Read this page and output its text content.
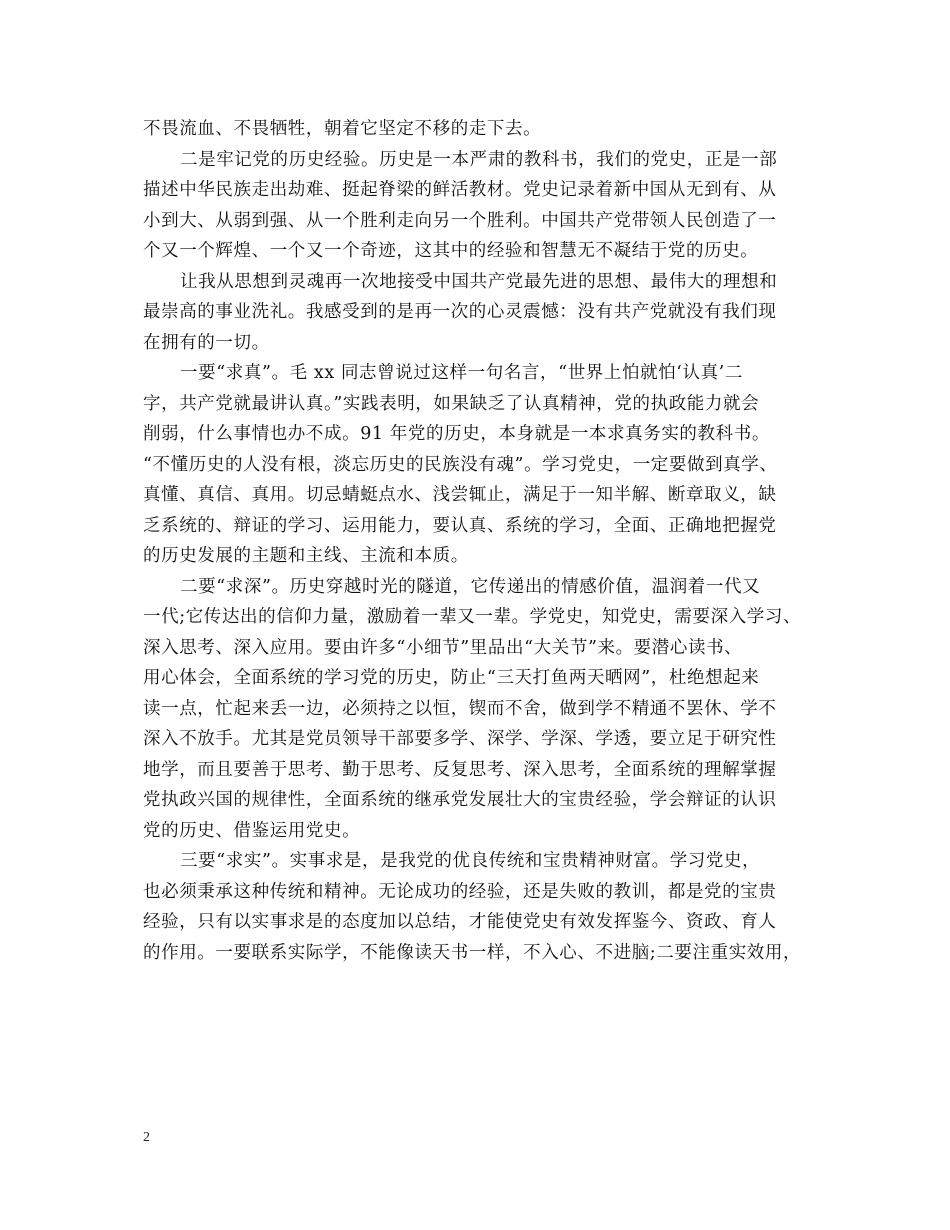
不畏流血、不畏牺牲，朝着它坚定不移的走下去。
二是牢记党的历史经验。历史是一本严肃的教科书，我们的党史，正是一部
描述中华民族走出劫难、挺起脊梁的鲜活教材。党史记录着新中国从无到有、从
小到大、从弱到强、从一个胜利走向另一个胜利。中国共产党带领人民创造了一
个又一个辉煌、一个又一个奇迹，这其中的经验和智慧无不凝结于党的历史。
让我从思想到灵魂再一次地接受中国共产党最先进的思想、最伟大的理想和
最崇高的事业洗礼。我感受到的是再一次的心灵震憾：没有共产党就没有我们现
在拥有的一切。
一要“求真”。毛 xx 同志曾说过这样一句名言，“世界上怕就怕‘认真’二
字，共产党就最讲认真。”实践表明，如果缺乏了认真精神，党的执政能力就会
削弱，什么事情也办不成。91 年党的历史，本身就是一本求真务实的教科书。
“不懂历史的人没有根，淡忘历史的民族没有魂”。学习党史，一定要做到真学、
真懂、真信、真用。切忌蜻蜓点水、浅尝辄止，满足于一知半解、断章取义，缺
乏系统的、辩证的学习、运用能力，要认真、系统的学习，全面、正确地把握党
的历史发展的主题和主线、主流和本质。
二要“求深”。历史穿越时光的隧道，它传递出的情感价值，温润着一代又
一代;它传达出的信仰力量，激励着一辈又一辈。学党史，知党史，需要深入学习、
深入思考、深入应用。要由许多“小细节”里品出“大关节”来。要潜心读书、
用心体会，全面系统的学习党的历史，防止“三天打鱼两天晒网”，杜绝想起来
读一点，忙起来丢一边，必须持之以恒，锲而不舍，做到学不精通不罢休、学不
深入不放手。尤其是党员领导干部要多学、深学、学深、学透，要立足于研究性
地学，而且要善于思考、勤于思考、反复思考、深入思考，全面系统的理解掌握
党执政兴国的规律性，全面系统的继承党发展壮大的宝贵经验，学会辩证的认识
党的历史、借鉴运用党史。
三要“求实”。实事求是，是我党的优良传统和宝贵精神财富。学习党史，
也必须秉承这种传统和精神。无论成功的经验，还是失败的教训，都是党的宝贵
经验，只有以实事求是的态度加以总结，才能使党史有效发挥鉴今、资政、育人
的作用。一要联系实际学，不能像读天书一样，不入心、不进脑;二要注重实效用，
2
